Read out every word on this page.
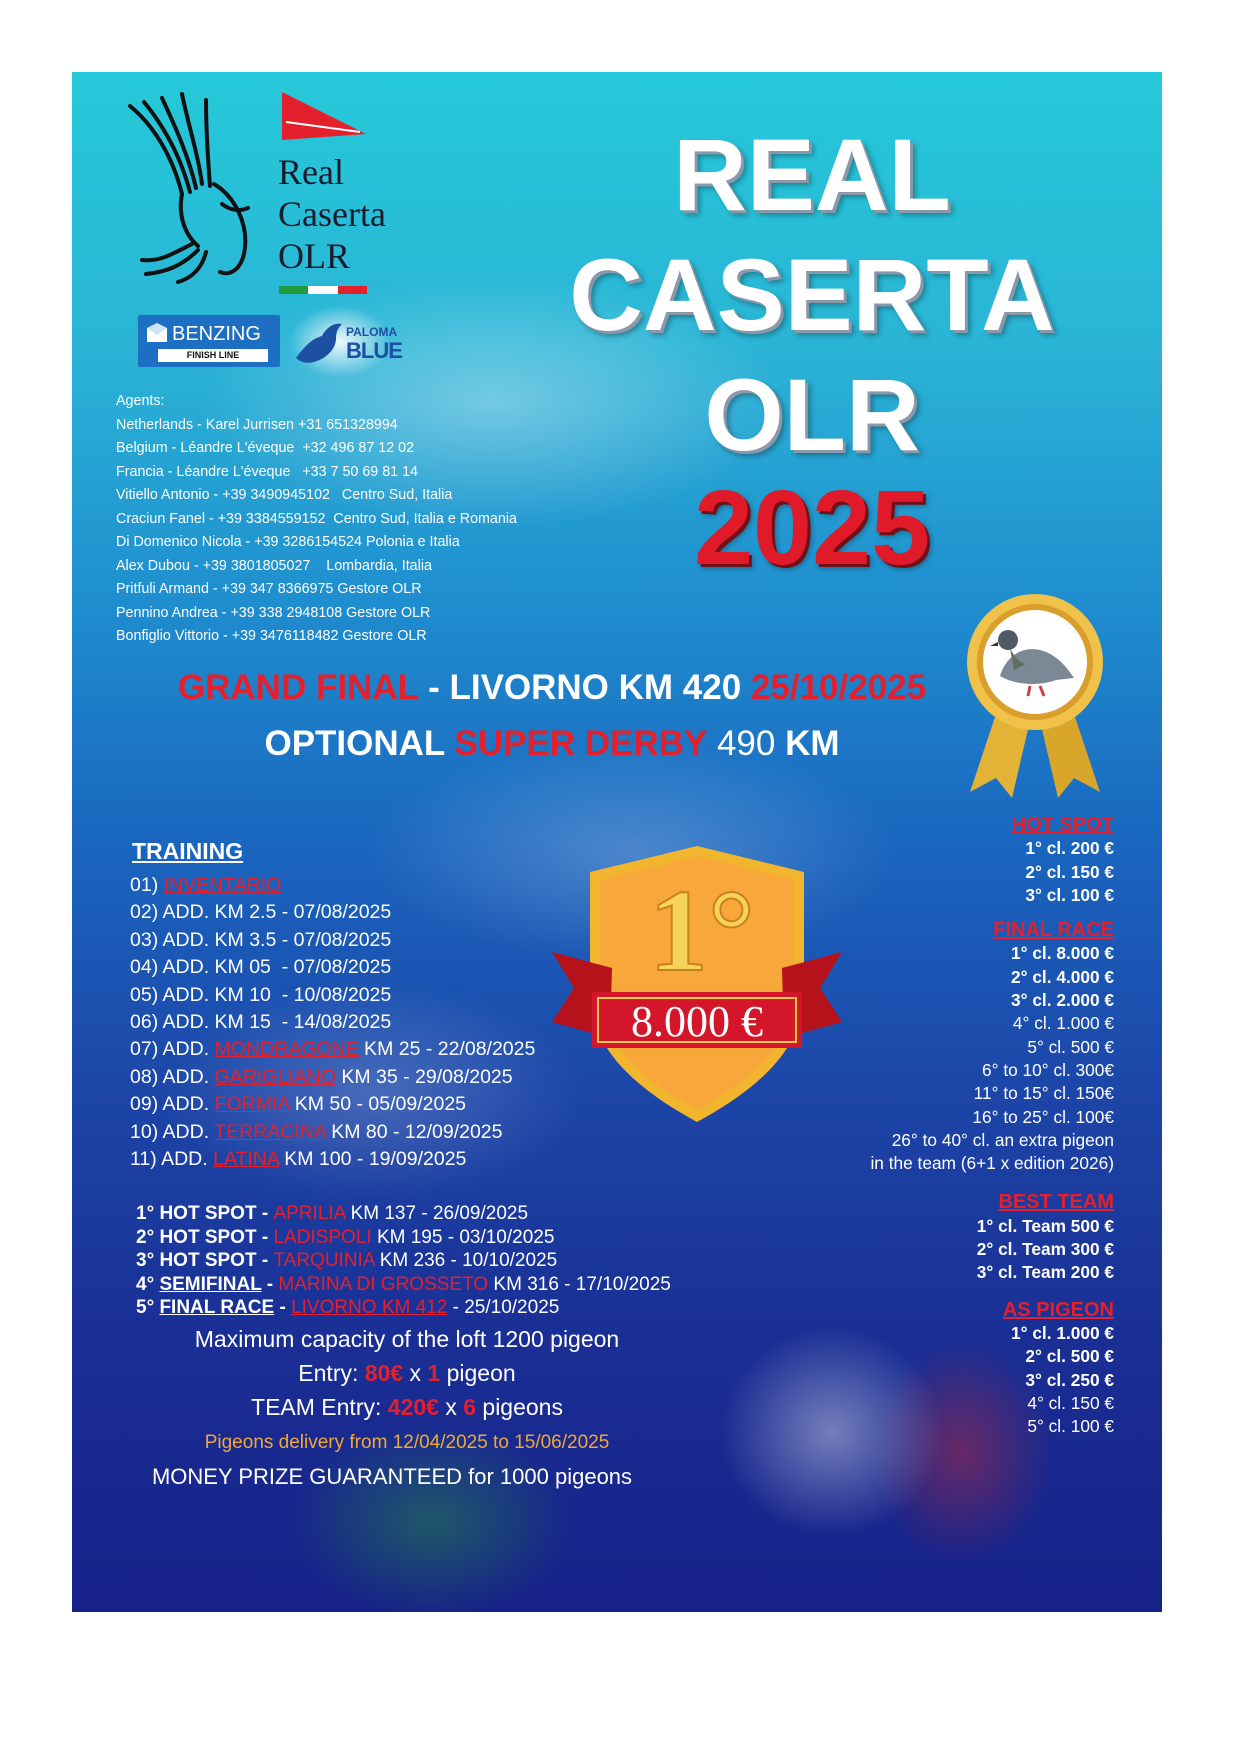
Real
Caserta
OLR
BENZING
FINISH LINE
PALOMA
BLUE
Agents:
Netherlands - Karel Jurrisen +31 651328994
Belgium - Léandre L'éveque  +32 496 87 12 02
Francia - Léandre L'éveque   +33 7 50 69 81 14
Vitiello Antonio - +39 3490945102   Centro Sud, Italia
Craciun Fanel - +39 3384559152  Centro Sud, Italia e Romania
Di Domenico Nicola - +39 3286154524 Polonia e Italia
Alex Dubou - +39 3801805027    Lombardia, Italia
Pritfuli Armand - +39 347 8366975 Gestore OLR
Pennino Andrea - +39 338 2948108 Gestore OLR
Bonfiglio Vittorio - +39 3476118482 Gestore OLR
REAL
CASERTA
OLR
2025
GRAND FINAL - LIVORNO KM 420 25/10/2025
OPTIONAL SUPER DERBY 490 KM
TRAINING
01) INVENTARIO
02) ADD. KM 2.5 - 07/08/2025
03) ADD. KM 3.5 - 07/08/2025
04) ADD. KM 05  - 07/08/2025
05) ADD. KM 10  - 10/08/2025
06) ADD. KM 15  - 14/08/2025
07) ADD. MONDRAGONE KM 25 - 22/08/2025
08) ADD. GARIGLIANO KM 35 - 29/08/2025
09) ADD. FORMIA KM 50 - 05/09/2025
10) ADD. TERRACINA KM 80 - 12/09/2025
11) ADD. LATINA KM 100 - 19/09/2025
1°
8.000 €
1° HOT SPOT - APRILIA KM 137 - 26/09/2025
2° HOT SPOT - LADISPOLI KM 195 - 03/10/2025
3° HOT SPOT - TARQUINIA KM 236 - 10/10/2025
4° SEMIFINAL - MARINA DI GROSSETO KM 316 - 17/10/2025
5° FINAL RACE - LIVORNO KM 412 - 25/10/2025
Maximum capacity of the loft 1200 pigeon
Entry: 80€ x 1 pigeon
TEAM Entry: 420€ x 6 pigeons
Pigeons delivery from 12/04/2025 to 15/06/2025
MONEY PRIZE GUARANTEED for 1000 pigeons
HOT SPOT
1° cl. 200 €
2° cl. 150 €
3° cl. 100 €
FINAL RACE
1° cl. 8.000 €
2° cl. 4.000 €
3° cl. 2.000 €
4° cl. 1.000 €
5° cl. 500 €
6° to 10° cl. 300€
11° to 15° cl. 150€
16° to 25° cl. 100€
26° to 40° cl. an extra pigeon
in the team (6+1 x edition 2026)
BEST TEAM
1° cl. Team 500 €
2° cl. Team 300 €
3° cl. Team 200 €
AS PIGEON
1° cl. 1.000 €
2° cl. 500 €
3° cl. 250 €
4° cl. 150 €
5° cl. 100 €
